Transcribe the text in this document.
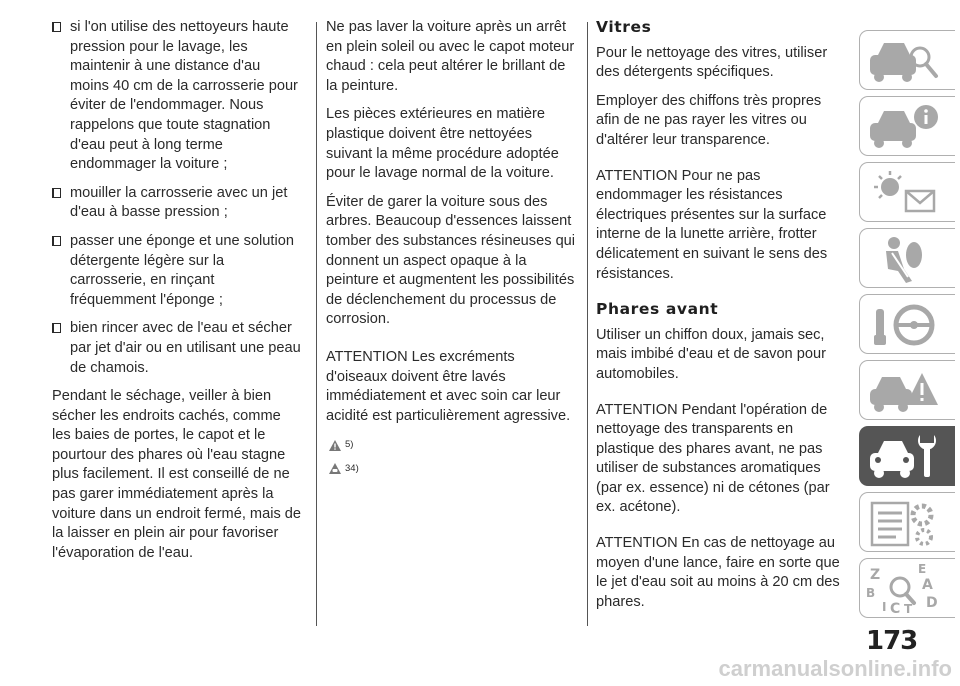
si l'on utilise des nettoyeurs haute pression pour le lavage, les maintenir à une distance d'au moins 40 cm de la carrosserie pour éviter de l'endommager. Nous rappelons que toute stagnation d'eau peut à long terme endommager la voiture ;
mouiller la carrosserie avec un jet d'eau à basse pression ;
passer une éponge et une solution détergente légère sur la carrosserie, en rinçant fréquemment l'éponge ;
bien rincer avec de l'eau et sécher par jet d'air ou en utilisant une peau de chamois.

Pendant le séchage, veiller à bien sécher les endroits cachés, comme les baies de portes, le capot et le pourtour des phares où l'eau stagne plus facilement. Il est conseillé de ne pas garer immédiatement après la voiture dans un endroit fermé, mais de la laisser en plein air pour favoriser l'évaporation de l'eau.

Ne pas laver la voiture après un arrêt en plein soleil ou avec le capot moteur chaud : cela peut altérer le brillant de la peinture.

Les pièces extérieures en matière plastique doivent être nettoyées suivant la même procédure adoptée pour le lavage normal de la voiture.

Éviter de garer la voiture sous des arbres. Beaucoup d'essences laissent tomber des substances résineuses qui donnent un aspect opaque à la peinture et augmentent les possibilités de déclenchement du processus de corrosion.

ATTENTION Les excréments d'oiseaux doivent être lavés immédiatement et avec soin car leur acidité est particulièrement agressive.

5)
34)
Vitres

Pour le nettoyage des vitres, utiliser des détergents spécifiques.

Employer des chiffons très propres afin de ne pas rayer les vitres ou d'altérer leur transparence.

ATTENTION Pour ne pas endommager les résistances électriques présentes sur la surface interne de la lunette arrière, frotter délicatement en suivant le sens des résistances.

Phares avant

Utiliser un chiffon doux, jamais sec, mais imbibé d'eau et de savon pour automobiles.

ATTENTION Pendant l'opération de nettoyage des transparents en plastique des phares avant, ne pas utiliser de substances aromatiques (par ex. essence) ni de cétones (par ex. acétone).

ATTENTION En cas de nettoyage au moyen d'une lance, faire en sorte que le jet d'eau soit au moins à 20 cm des phares.

Z	E
A
B
I C T D
173
carmanualsonline.info
